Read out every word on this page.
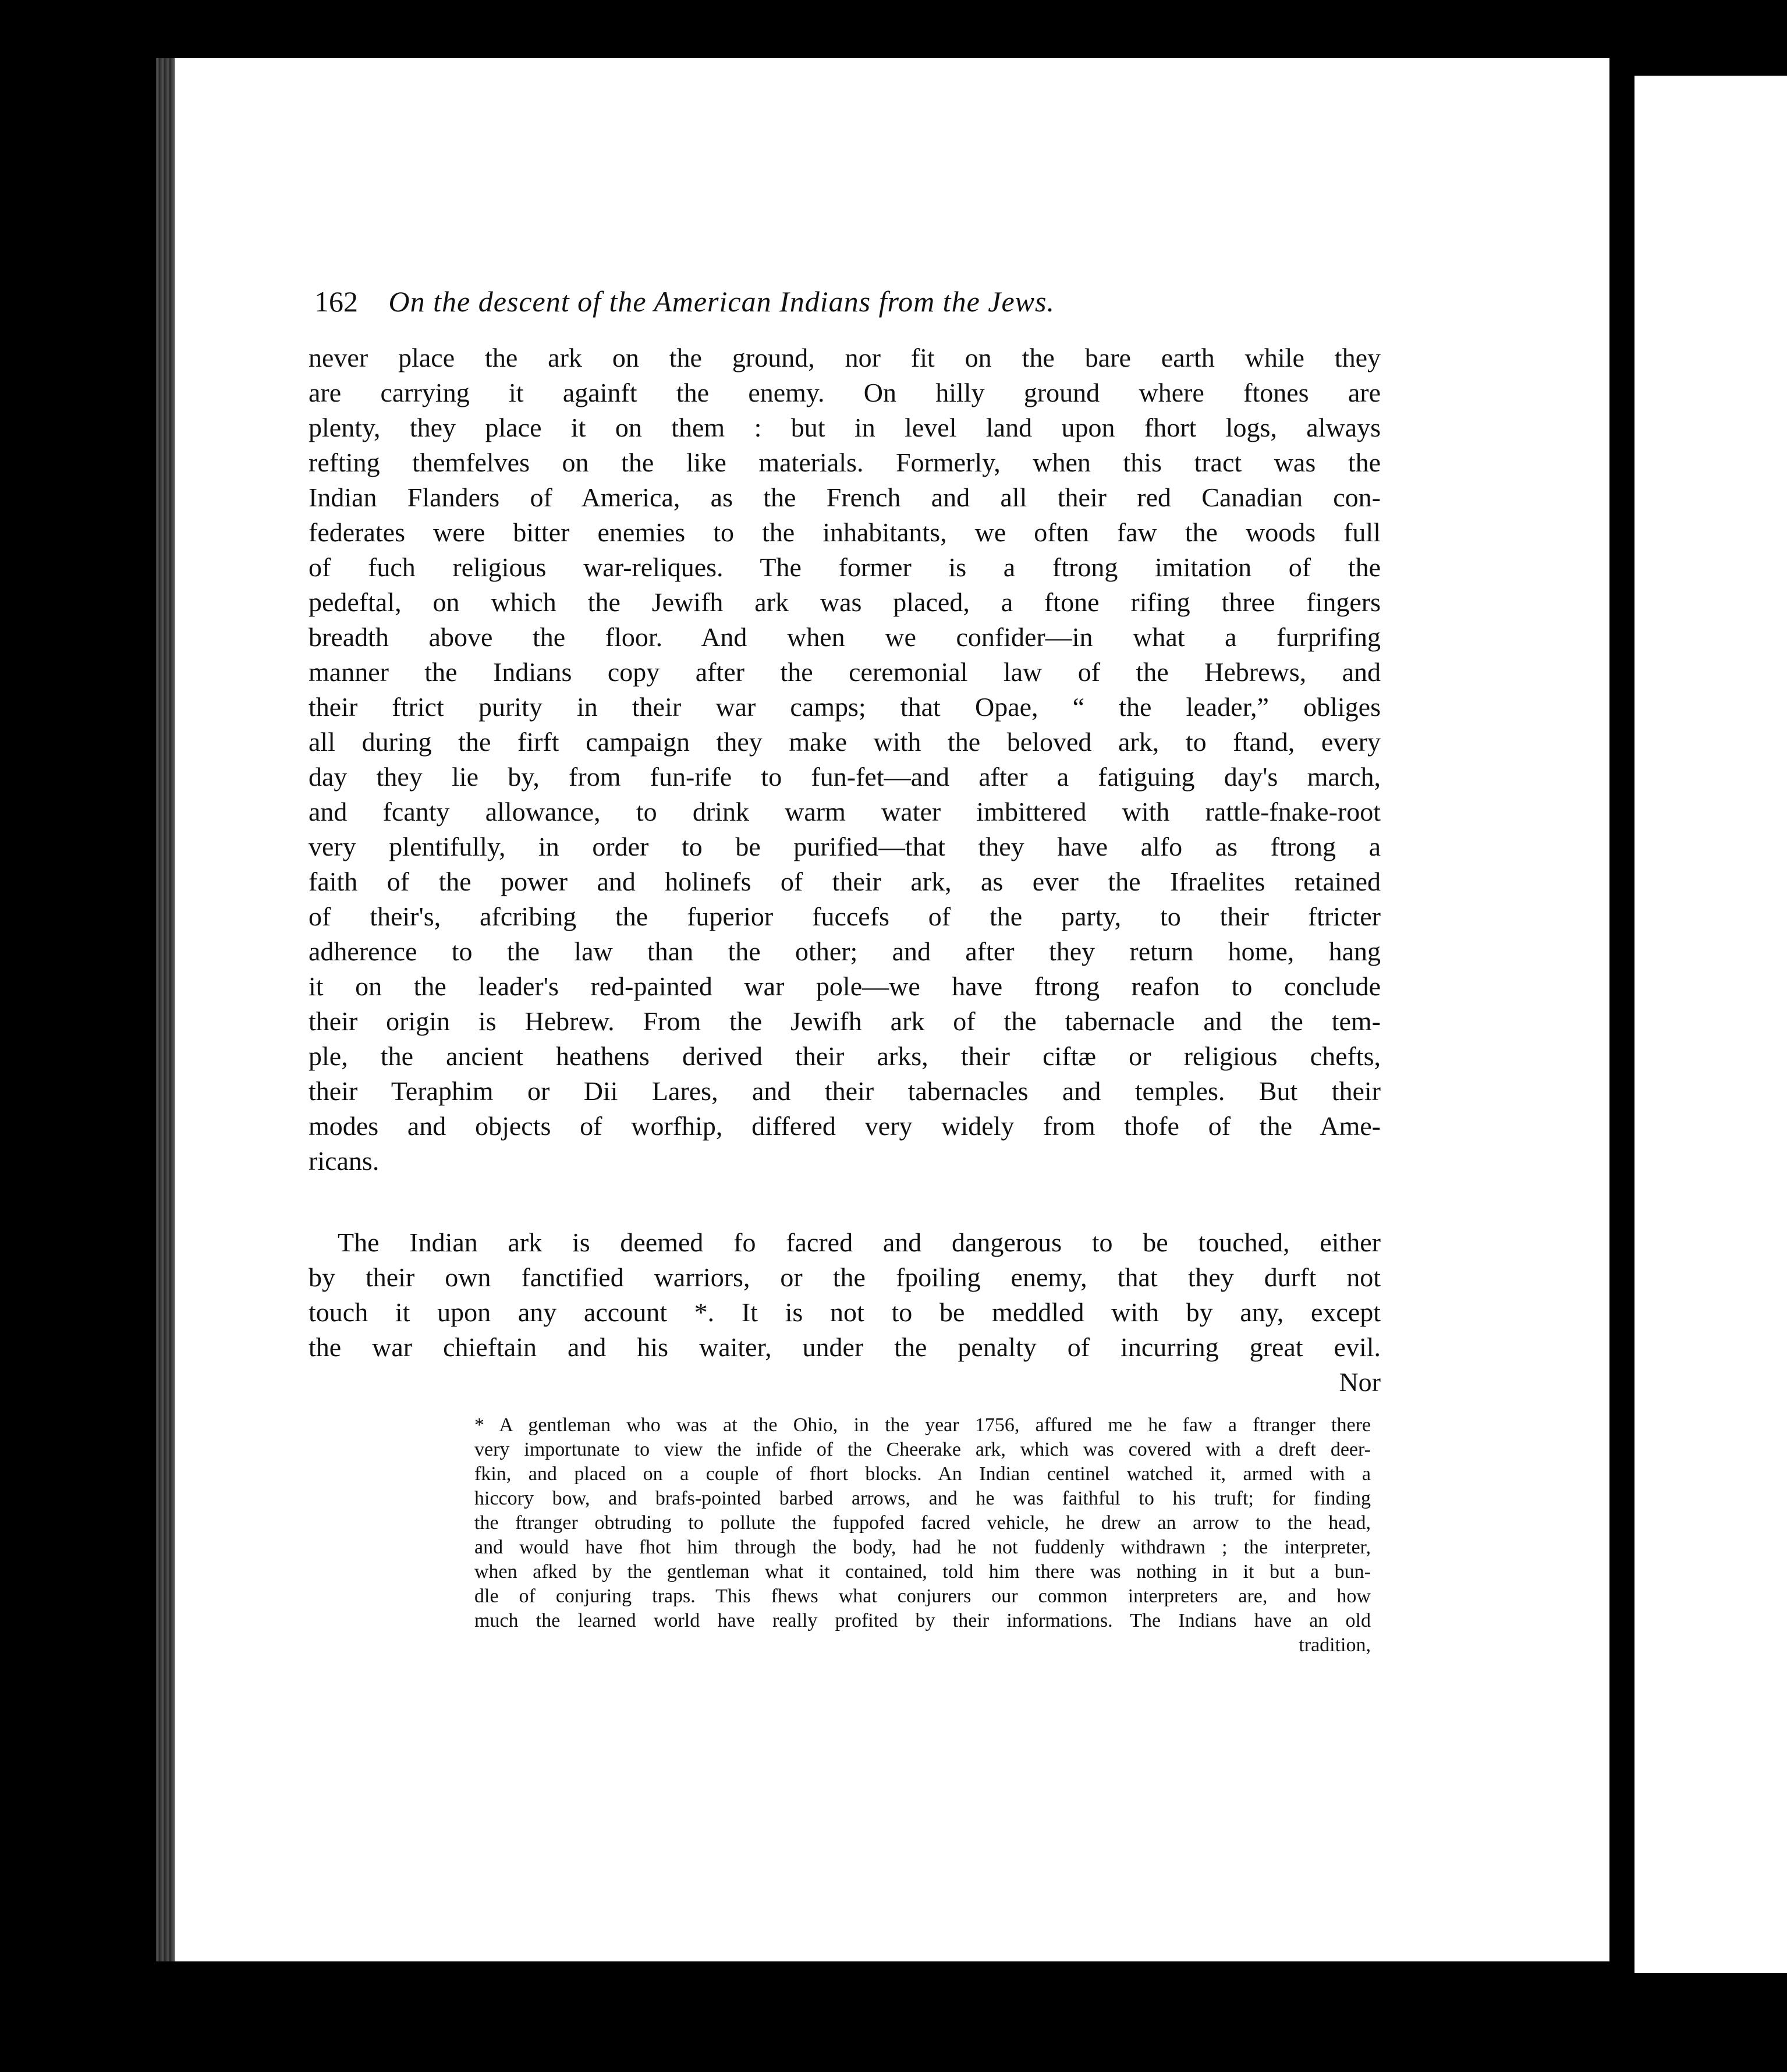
162 On the descent of the American Indians from the Jews.
never place the ark on the ground, nor fit on the bare earth while they
are carrying it againft the enemy. On hilly ground where ftones are
plenty, they place it on them : but in level land upon fhort logs, always
refting themfelves on the like materials. Formerly, when this tract was the
Indian Flanders of America, as the French and all their red Canadian con-
federates were bitter enemies to the inhabitants, we often faw the woods full
of fuch religious war-reliques. The former is a ftrong imitation of the
pedeftal, on which the Jewifh ark was placed, a ftone rifing three fingers
breadth above the floor. And when we confider—in what a furprifing
manner the Indians copy after the ceremonial law of the Hebrews, and
their ftrict purity in their war camps; that Opae, “ the leader,” obliges
all during the firft campaign they make with the beloved ark, to ftand, every
day they lie by, from fun-rife to fun-fet—and after a fatiguing day's march,
and fcanty allowance, to drink warm water imbittered with rattle-fnake-root
very plentifully, in order to be purified—that they have alfo as ftrong a
faith of the power and holinefs of their ark, as ever the Ifraelites retained
of their's, afcribing the fuperior fuccefs of the party, to their ftricter
adherence to the law than the other; and after they return home, hang
it on the leader's red-painted war pole—we have ftrong reafon to conclude
their origin is Hebrew. From the Jewifh ark of the tabernacle and the tem-
ple, the ancient heathens derived their arks, their ciftæ or religious chefts,
their Teraphim or Dii Lares, and their tabernacles and temples. But their
modes and objects of worfhip, differed very widely from thofe of the Ame-
ricans.
The Indian ark is deemed fo facred and dangerous to be touched, either
by their own fanctified warriors, or the fpoiling enemy, that they durft not
touch it upon any account *. It is not to be meddled with by any, except
the war chieftain and his waiter, under the penalty of incurring great evil.
Nor
* A gentleman who was at the Ohio, in the year 1756, affured me he faw a ftranger there
very importunate to view the infide of the Cheerake ark, which was covered with a dreft deer-
fkin, and placed on a couple of fhort blocks. An Indian centinel watched it, armed with a
hiccory bow, and brafs-pointed barbed arrows, and he was faithful to his truft; for finding
the ftranger obtruding to pollute the fuppofed facred vehicle, he drew an arrow to the head,
and would have fhot him through the body, had he not fuddenly withdrawn ; the interpreter,
when afked by the gentleman what it contained, told him there was nothing in it but a bun-
dle of conjuring traps. This fhews what conjurers our common interpreters are, and how
much the learned world have really profited by their informations. The Indians have an old
tradition,
